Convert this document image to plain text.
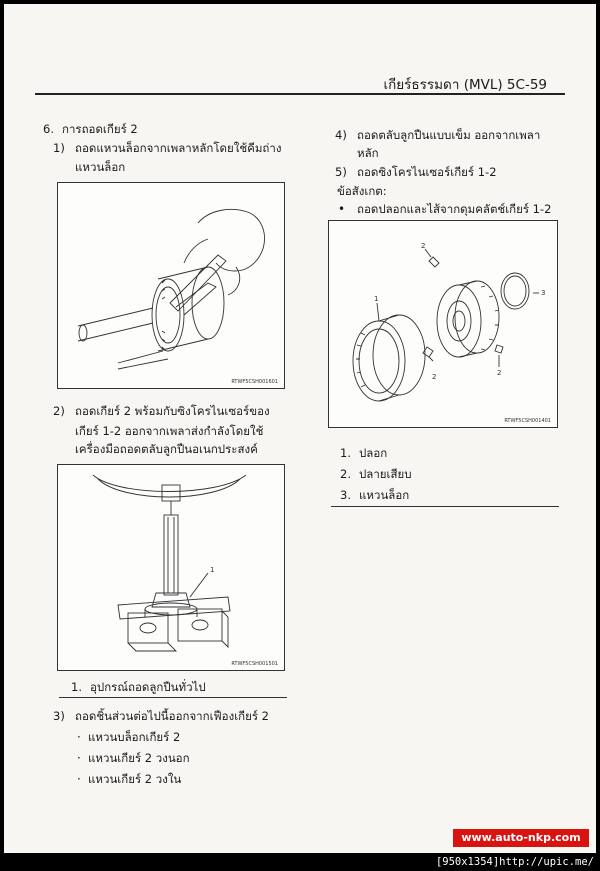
เกียร์ธรรมดา (MVL) 5C-59
6. การถอดเกียร์ 2
1) ถอดแหวนล็อกจากเพลาหลักโดยใช้คีมถ่าง
แหวนล็อก
RTWF5CSH001601
2) ถอดเกียร์ 2 พร้อมกับซิงโครไนเซอร์ของ
เกียร์ 1-2 ออกจากเพลาส่งกำลังโดยใช้
เครื่องมือถอดตลับลูกปืนอเนกประสงค์
1
RTWF5CSH001501
1. อุปกรณ์ถอดลูกปืนทั่วไป
3) ถอดชิ้นส่วนต่อไปนี้ออกจากเฟืองเกียร์ 2
· แหวนบล็อกเกียร์ 2
· แหวนเกียร์ 2 วงนอก
· แหวนเกียร์ 2 วงใน
4) ถอดตลับลูกปืนแบบเข็ม ออกจากเพลา
หลัก
5) ถอดซิงโครไนเซอร์เกียร์ 1-2
ข้อสังเกต:
• ถอดปลอกและไส้จากดุมคลัตช์เกียร์ 1-2
1
2
2	2
3
RTWF5CSH001401
1. ปลอก
2. ปลายเสียบ
3. แหวนล็อก
www.auto-nkp.com
[950x1354]http://upic.me/
